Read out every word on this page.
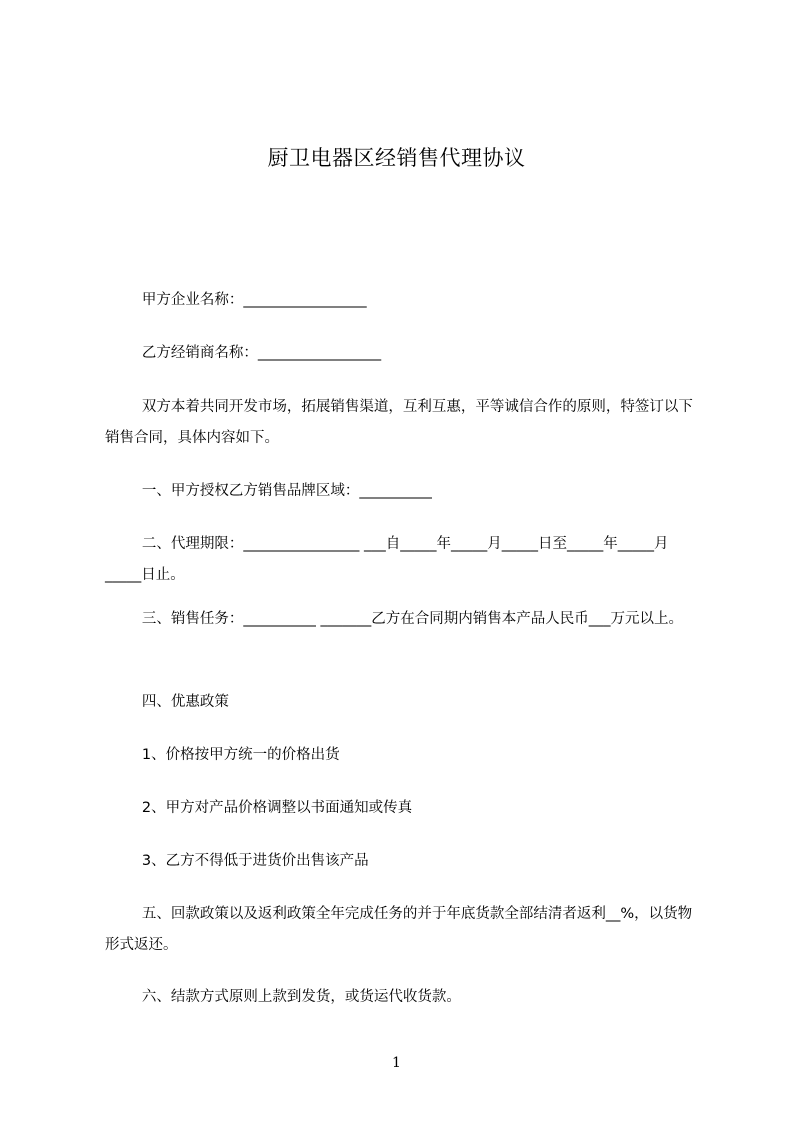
厨卫电器区经销售代理协议
甲方企业名称：_________________
乙方经销商名称：_________________
双方本着共同开发市场，拓展销售渠道，互利互惠，平等诚信合作的原则，特签订以下销售合同，具体内容如下。
一、甲方授权乙方销售品牌区域：__________
二、代理期限：________________ ___自_____年_____月_____日至_____年_____月_____日止。
三、销售任务：__________ _______乙方在合同期内销售本产品人民币___万元以上。
四、优惠政策
1、价格按甲方统一的价格出货
2、甲方对产品价格调整以书面通知或传真
3、乙方不得低于进货价出售该产品
五、回款政策以及返利政策全年完成任务的并于年底货款全部结清者返利__%，以货物形式返还。
六、结款方式原则上款到发货，或货运代收货款。
1
